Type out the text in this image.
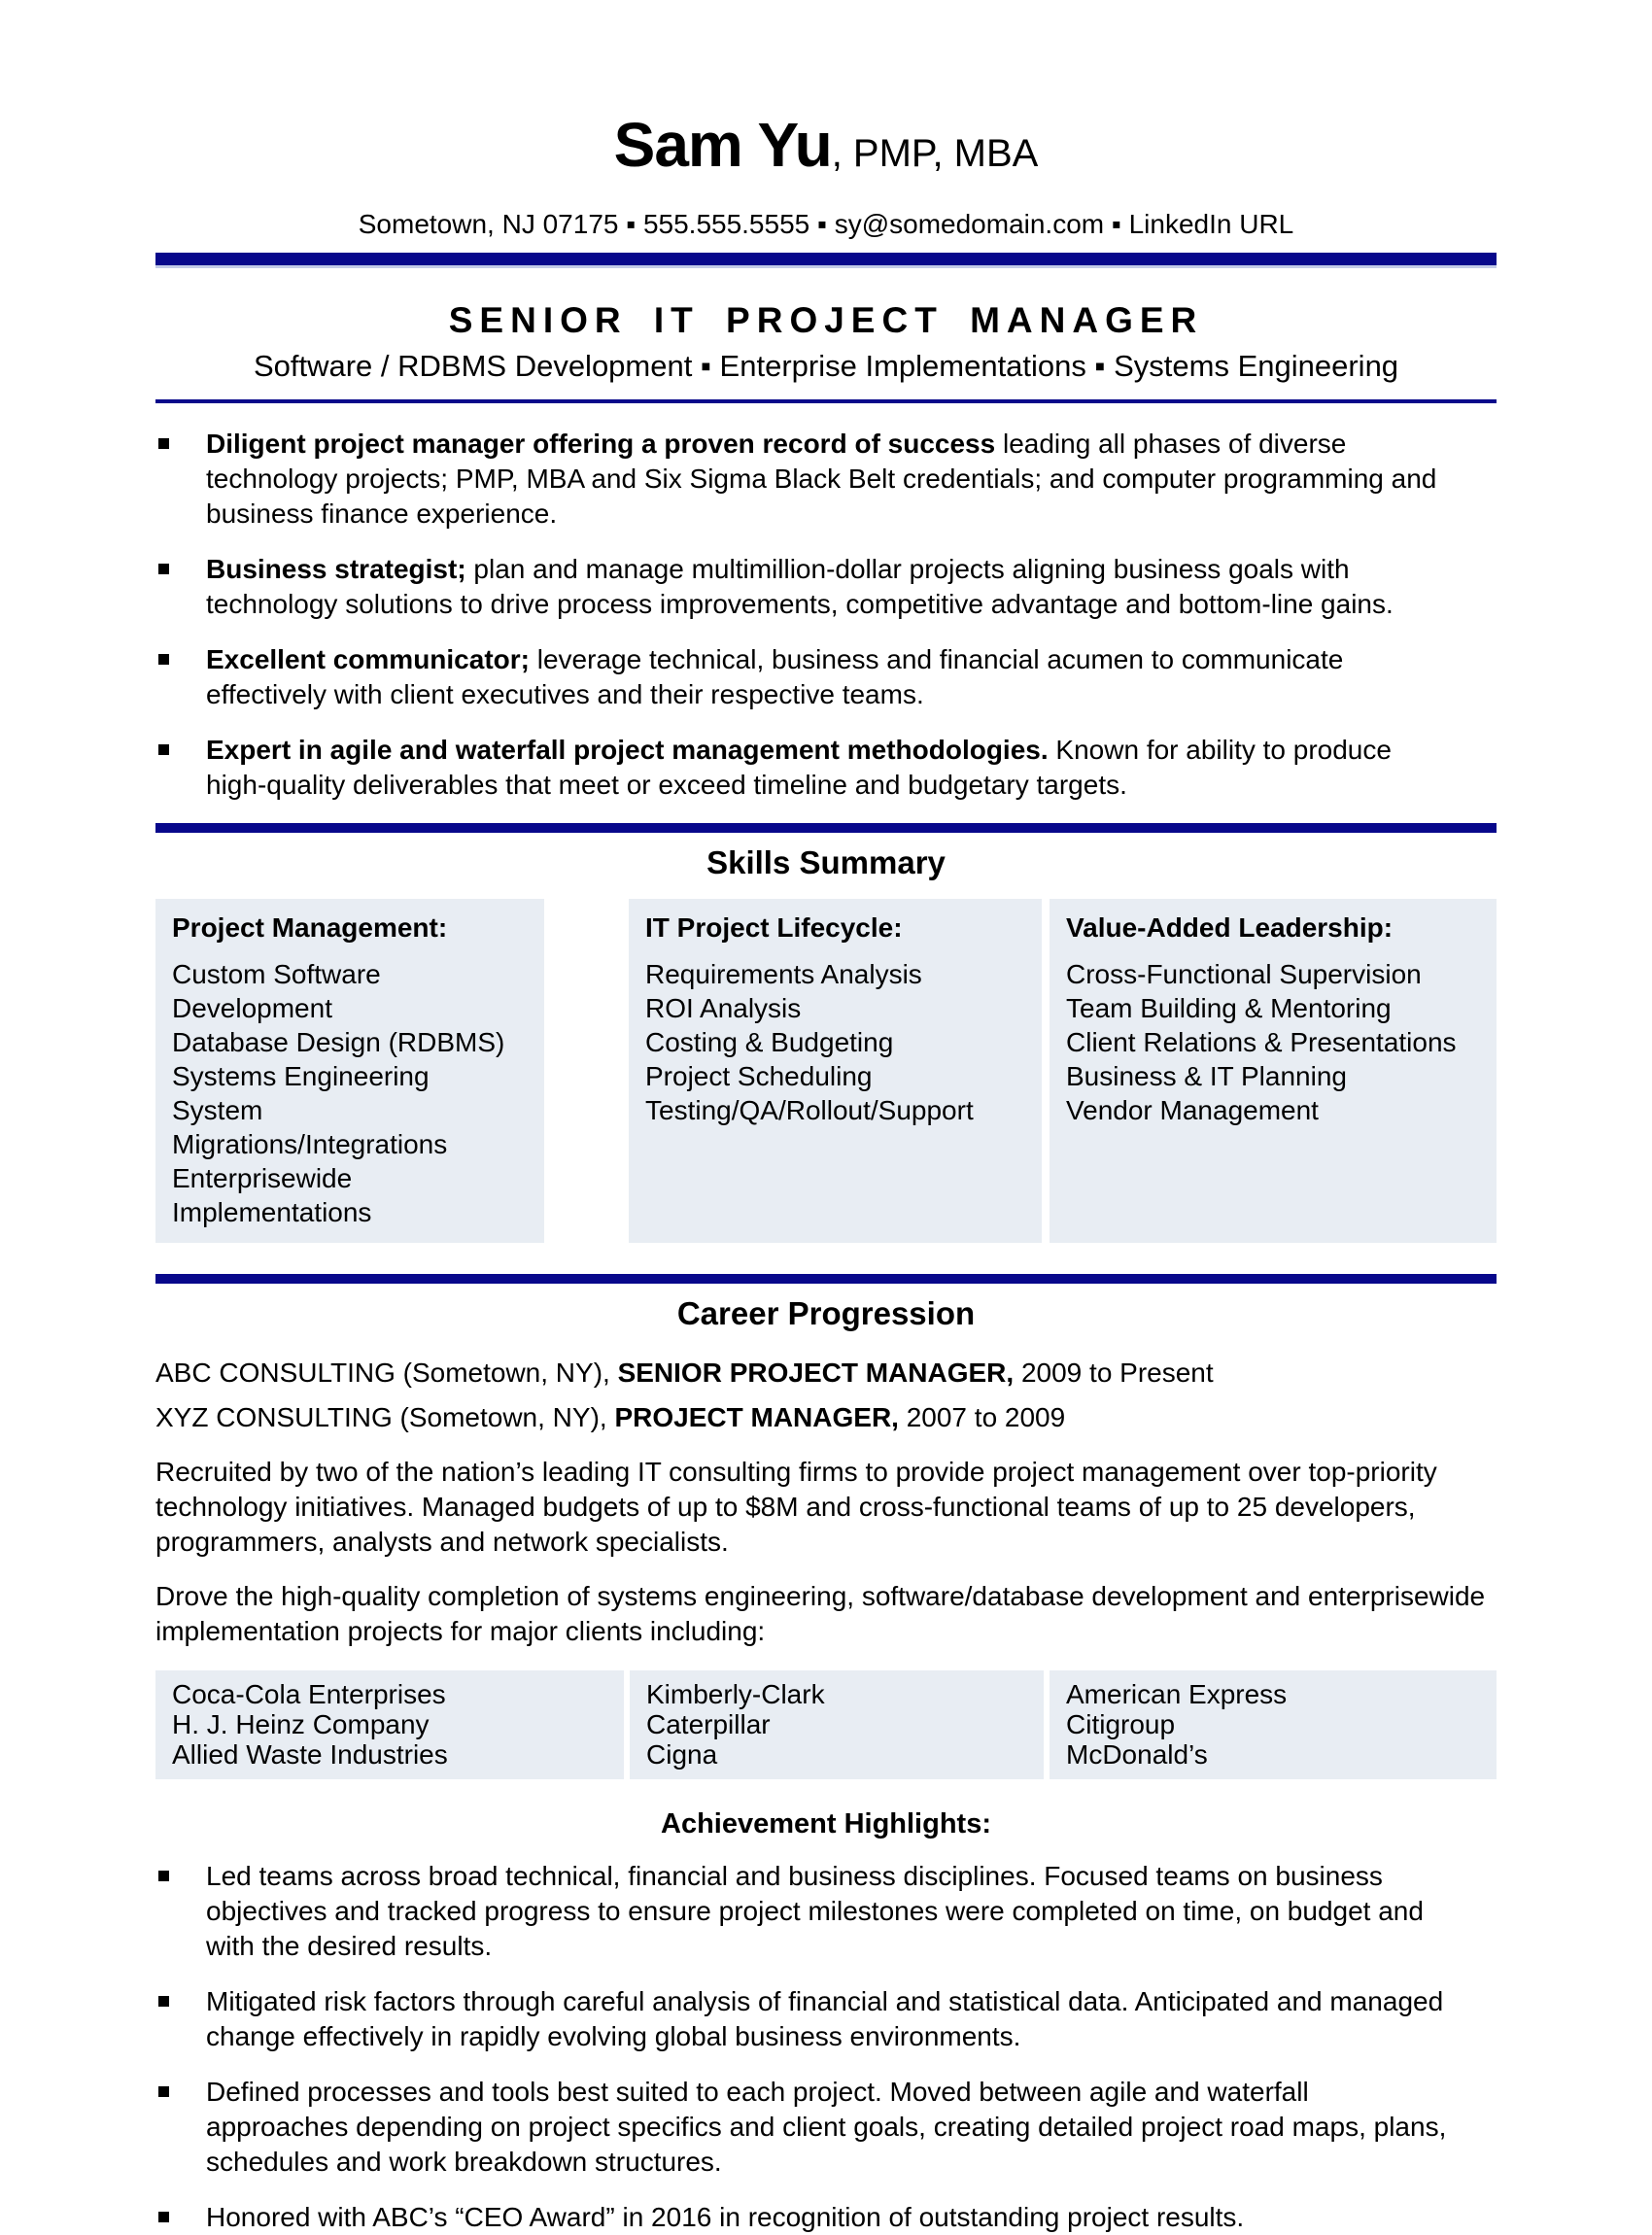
Sam Yu, PMP, MBA
Sometown, NJ 07175 ▪ 555.555.5555 ▪ sy@somedomain.com ▪ LinkedIn URL
SENIOR IT PROJECT MANAGER
Software / RDBMS Development ▪ Enterprise Implementations ▪ Systems Engineering
Diligent project manager offering a proven record of success leading all phases of diverse technology projects; PMP, MBA and Six Sigma Black Belt credentials; and computer programming and business finance experience.
Business strategist; plan and manage multimillion-dollar projects aligning business goals with technology solutions to drive process improvements, competitive advantage and bottom-line gains.
Excellent communicator; leverage technical, business and financial acumen to communicate effectively with client executives and their respective teams.
Expert in agile and waterfall project management methodologies. Known for ability to produce high-quality deliverables that meet or exceed timeline and budgetary targets.
Skills Summary
Project Management:
Custom Software Development
Database Design (RDBMS)
Systems Engineering
System Migrations/Integrations
Enterprisewide Implementations
IT Project Lifecycle:
Requirements Analysis
ROI Analysis
Costing & Budgeting
Project Scheduling
Testing/QA/Rollout/Support
Value-Added Leadership:
Cross-Functional Supervision
Team Building & Mentoring
Client Relations & Presentations
Business & IT Planning
Vendor Management
Career Progression
ABC CONSULTING (Sometown, NY), SENIOR PROJECT MANAGER, 2009 to Present
XYZ CONSULTING (Sometown, NY), PROJECT MANAGER, 2007 to 2009

Recruited by two of the nation’s leading IT consulting firms to provide project management over top-priority technology initiatives. Managed budgets of up to $8M and cross-functional teams of up to 25 developers, programmers, analysts and network specialists.

Drove the high-quality completion of systems engineering, software/database development and enterprisewide implementation projects for major clients including:

Coca-Cola Enterprises
H. J. Heinz Company
Allied Waste Industries
Kimberly-Clark
Caterpillar
Cigna
American Express
Citigroup
McDonald’s
Achievement Highlights:
Led teams across broad technical, financial and business disciplines. Focused teams on business objectives and tracked progress to ensure project milestones were completed on time, on budget and with the desired results.
Mitigated risk factors through careful analysis of financial and statistical data. Anticipated and managed change effectively in rapidly evolving global business environments.
Defined processes and tools best suited to each project. Moved between agile and waterfall approaches depending on project specifics and client goals, creating detailed project road maps, plans, schedules and work breakdown structures.
Honored with ABC’s “CEO Award” in 2016 in recognition of outstanding project results.
